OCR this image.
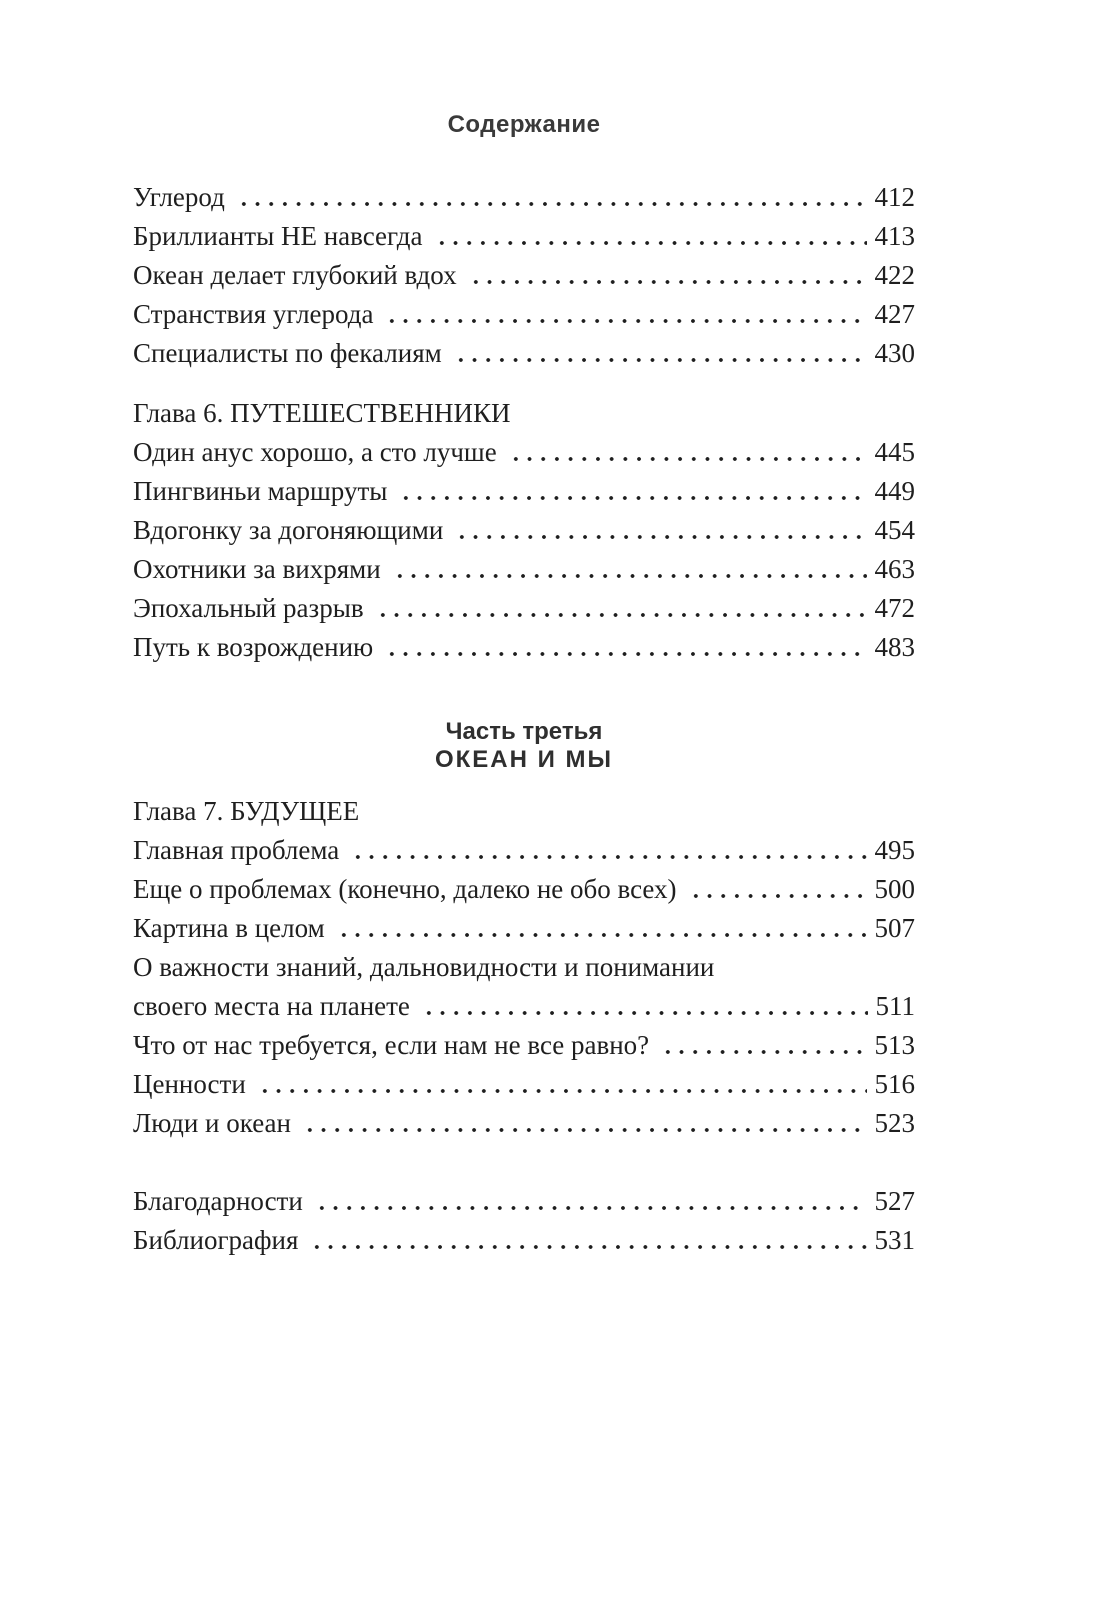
Содержание
Углерод	412
Бриллианты НЕ навсегда	413
Океан делает глубокий вдох	422
Странствия углерода	427
Специалисты по фекалиям	430
Глава 6. ПУТЕШЕСТВЕННИКИ
Один анус хорошо, а сто лучше	445
Пингвиньи маршруты	449
Вдогонку за догоняющими	454
Охотники за вихрями	463
Эпохальный разрыв	472
Путь к возрождению	483
Часть третья
ОКЕАН И МЫ
Глава 7. БУДУЩЕЕ
Главная проблема	495
Еще о проблемах (конечно, далеко не обо всех)	500
Картина в целом	507
О важности знаний, дальновидности и понимании
своего места на планете	511
Что от нас требуется, если нам не все равно?	513
Ценности	516
Люди и океан	523
Благодарности	527
Библиография	531
